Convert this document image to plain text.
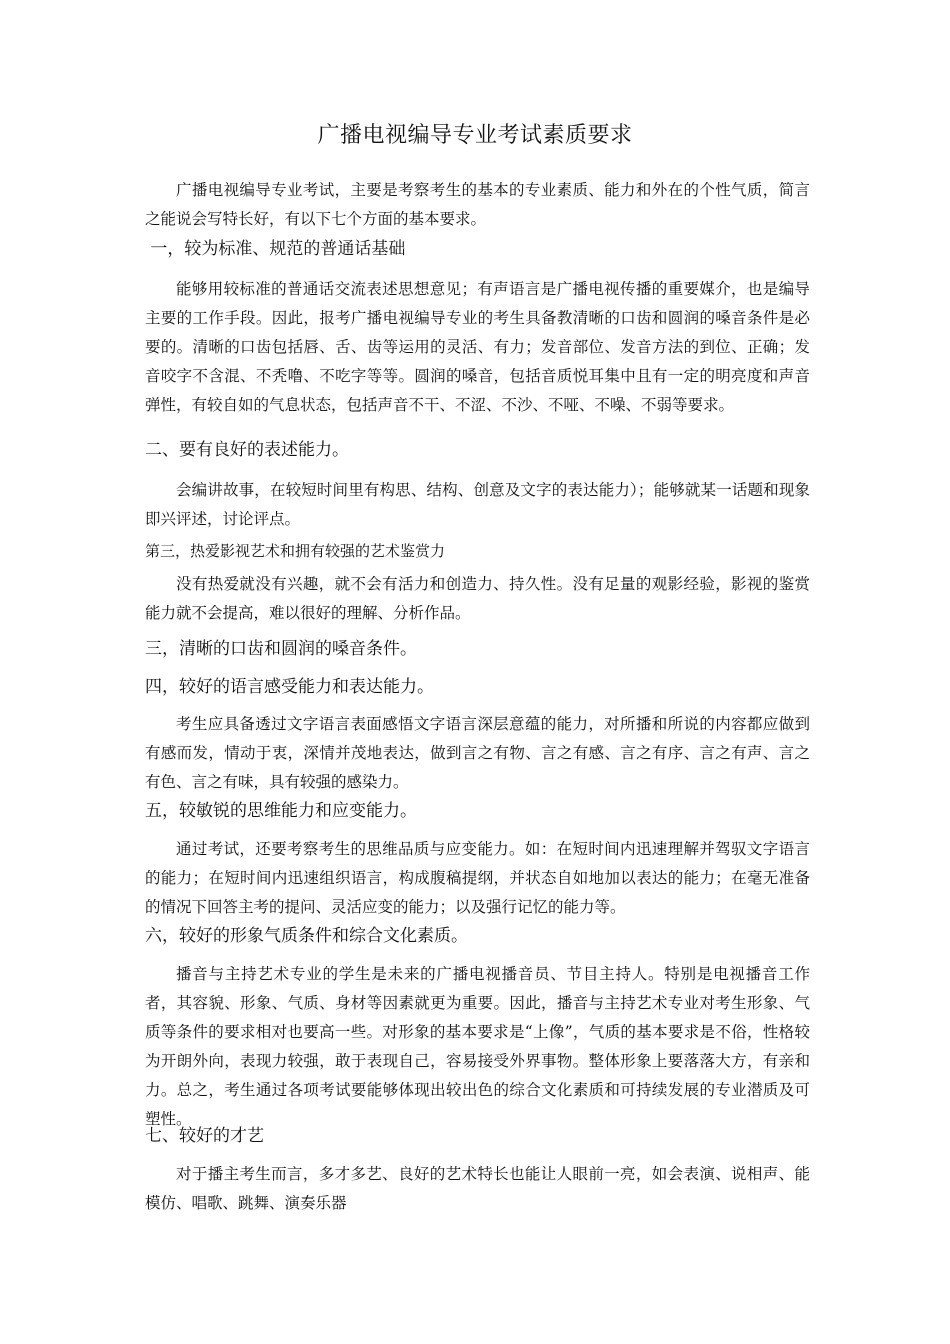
广播电视编导专业考试素质要求

广播电视编导专业考试，主要是考察考生的基本的专业素质、能力和外在的个性气质，简言之能说会写特长好，有以下七个方面的基本要求。

一，较为标准、规范的普通话基础

能够用较标准的普通话交流表述思想意见；有声语言是广播电视传播的重要媒介，也是编导主要的工作手段。因此，报考广播电视编导专业的考生具备教清晰的口齿和圆润的嗓音条件是必要的。清晰的口齿包括唇、舌、齿等运用的灵活、有力；发音部位、发音方法的到位、正确；发音咬字不含混、不秃噜、不吃字等等。圆润的嗓音，包括音质悦耳集中且有一定的明亮度和声音弹性，有较自如的气息状态，包括声音不干、不涩、不沙、不哑、不噪、不弱等要求。

二、要有良好的表述能力。

会编讲故事，在较短时间里有构思、结构、创意及文字的表达能力）；能够就某一话题和现象即兴评述，讨论评点。

第三，热爱影视艺术和拥有较强的艺术鉴赏力

没有热爱就没有兴趣，就不会有活力和创造力、持久性。没有足量的观影经验，影视的鉴赏能力就不会提高，难以很好的理解、分析作品。

三，清晰的口齿和圆润的嗓音条件。

四，较好的语言感受能力和表达能力。

考生应具备透过文字语言表面感悟文字语言深层意蕴的能力，对所播和所说的内容都应做到有感而发，情动于衷，深情并茂地表达，做到言之有物、言之有感、言之有序、言之有声、言之有色、言之有味，具有较强的感染力。

五，较敏锐的思维能力和应变能力。

通过考试，还要考察考生的思维品质与应变能力。如：在短时间内迅速理解并驾驭文字语言的能力；在短时间内迅速组织语言，构成腹稿提纲，并状态自如地加以表达的能力；在毫无准备的情况下回答主考的提问、灵活应变的能力；以及强行记忆的能力等。

六，较好的形象气质条件和综合文化素质。

播音与主持艺术专业的学生是未来的广播电视播音员、节目主持人。特别是电视播音工作者，其容貌、形象、气质、身材等因素就更为重要。因此，播音与主持艺术专业对考生形象、气质等条件的要求相对也要高一些。对形象的基本要求是“上像”，气质的基本要求是不俗，性格较为开朗外向，表现力较强，敢于表现自己，容易接受外界事物。整体形象上要落落大方，有亲和力。总之，考生通过各项考试要能够体现出较出色的综合文化素质和可持续发展的专业潜质及可塑性。

七、较好的才艺

对于播主考生而言，多才多艺、良好的艺术特长也能让人眼前一亮，如会表演、说相声、能模仿、唱歌、跳舞、演奏乐器
